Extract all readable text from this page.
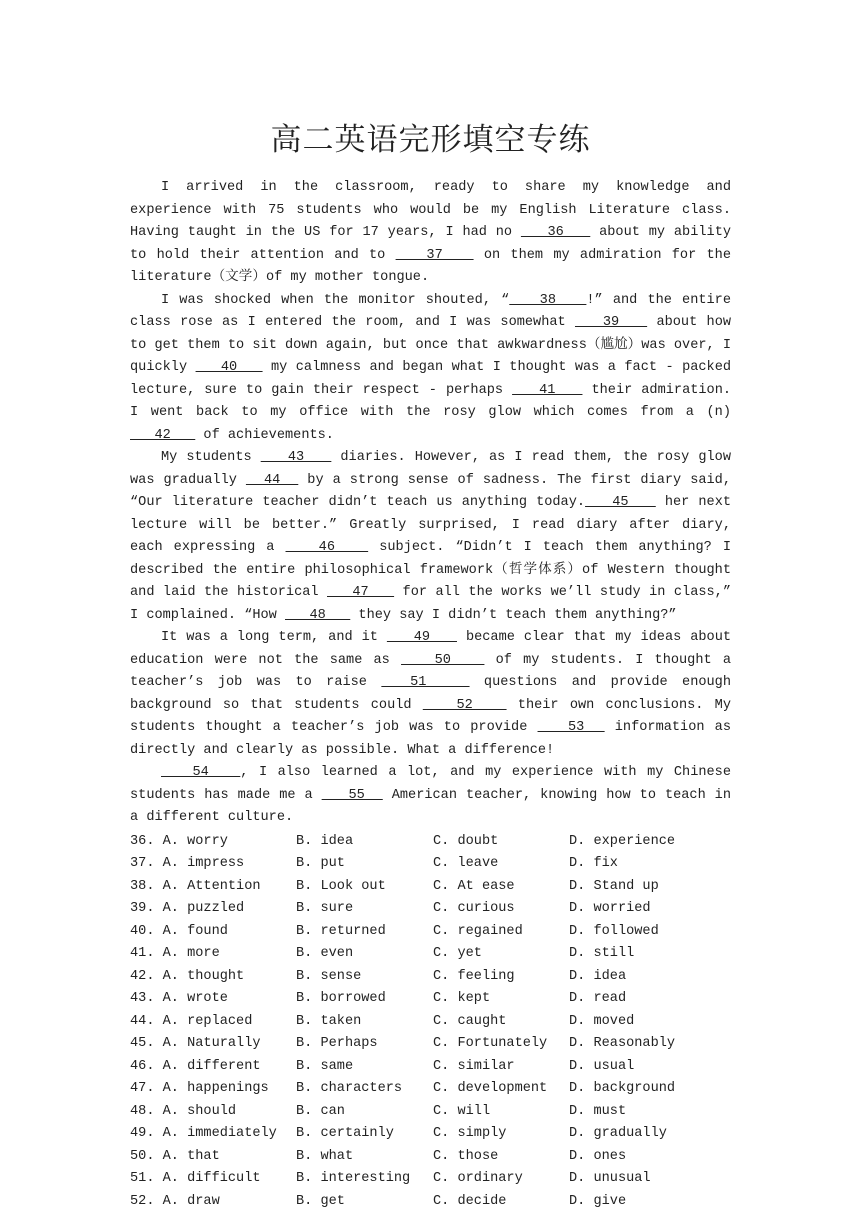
高二英语完形填空专练

I arrived in the classroom, ready to share my knowledge and experience with 75 students who would be my English Literature class. Having taught in the US for 17 years, I had no    36    about my ability to hold their attention and to    37    on them my admiration for the literature（文学）of my mother tongue.

I was shocked when the monitor shouted, “   38   !” and the entire class rose as I entered the room, and I was somewhat    39    about how to get them to sit down again, but once that awkwardness（尴尬）was over, I quickly    40    my calmness and began what I thought was a fact - packed lecture, sure to gain their respect - perhaps    41    their admiration. I went back to my office with the rosy glow which comes from a (n)   42    of achievements.

My students    43    diaries. However, as I read them, the rosy glow was gradually   44   by a strong sense of sadness. The first diary said, “Our literature teacher didn’t teach us anything today.   45    her next lecture will be better.” Greatly surprised, I read diary after diary, each expressing a    46    subject. “Didn’t I teach them anything? I described the entire philosophical framework（哲学体系）of Western thought and laid the historical    47    for all the works we’ll study in class,” I complained. “How    48    they say I didn’t teach them anything?”

It was a long term, and it    49    became clear that my ideas about education were not the same as    50    of my students. I thought a teacher’s job was to raise   51    questions and provide enough background so that students could    52    their own conclusions. My students thought a teacher’s job was to provide    53   information as directly and clearly as possible. What a difference!

54   , I also learned a lot, and my experience with my Chinese students has made me a    55   American teacher, knowing how to teach in a different culture.

36. A. worry	B. idea	C. doubt	D. experience
37. A. impress	B. put	C. leave	D. fix
38. A. Attention	B. Look out	C. At ease	D. Stand up
39. A. puzzled	B. sure	C. curious	D. worried
40. A. found	B. returned	C. regained	D. followed
41. A. more	B. even	C. yet	D. still
42. A. thought	B. sense	C. feeling	D. idea
43. A. wrote	B. borrowed	C. kept	D. read
44. A. replaced	B. taken	C. caught	D. moved
45. A. Naturally	B. Perhaps	C. Fortunately	D. Reasonably
46. A. different	B. same	C. similar	D. usual
47. A. happenings	B. characters	C. development	D. background
48. A. should	B. can	C. will	D. must
49. A. immediately	B. certainly	C. simply	D. gradually
50. A. that	B. what	C. those	D. ones
51. A. difficult	B. interesting	C. ordinary	D. unusual
52. A. draw	B. get	C. decide	D. give
